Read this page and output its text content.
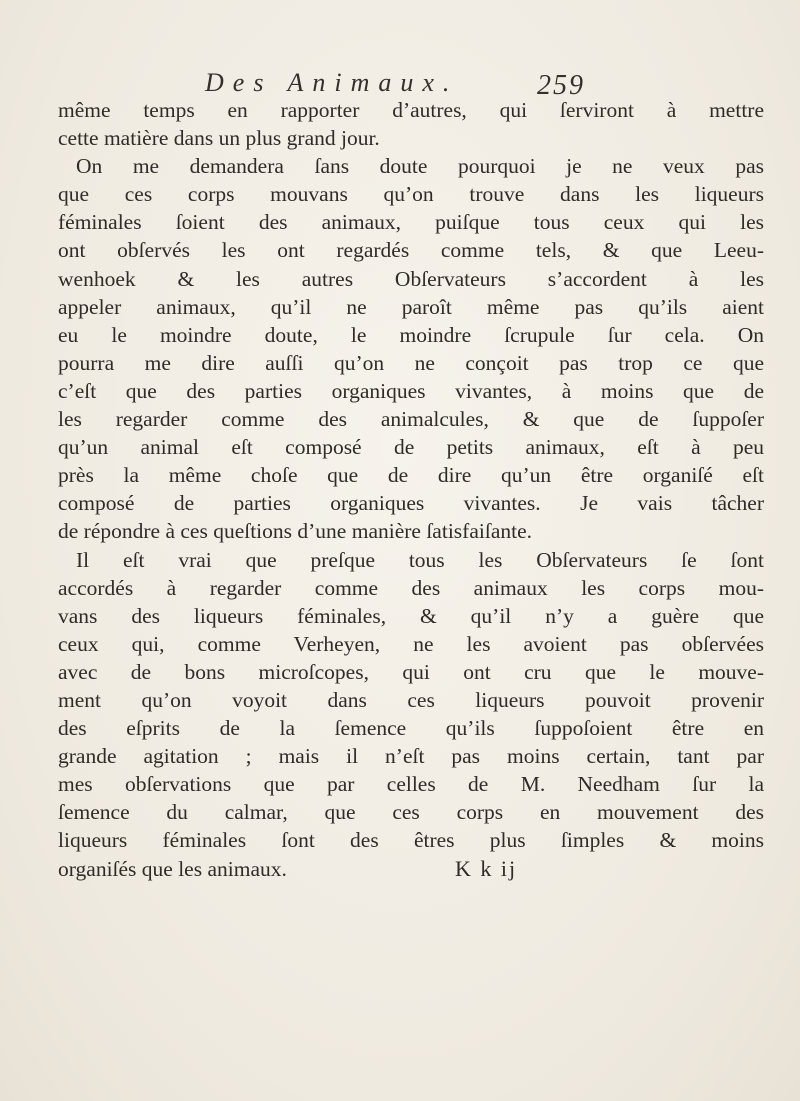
Des Animaux.	259
même temps en rapporter d’autres, qui ſerviront à mettre
cette matière dans un plus grand jour.
On me demandera ſans doute pourquoi je ne veux pas
que ces corps mouvans qu’on trouve dans les liqueurs
féminales ſoient des animaux, puiſque tous ceux qui les
ont obſervés les ont regardés comme tels, & que Leeu-
wenhoek & les autres Obſervateurs s’accordent à les
appeler animaux, qu’il ne paroît même pas qu’ils aient
eu le moindre doute, le moindre ſcrupule ſur cela. On
pourra me dire auſſi qu’on ne conçoit pas trop ce que
c’eſt que des parties organiques vivantes, à moins que de
les regarder comme des animalcules, & que de ſuppoſer
qu’un animal eſt composé de petits animaux, eſt à peu
près la même choſe que de dire qu’un être organiſé eſt
composé de parties organiques vivantes. Je vais tâcher
de répondre à ces queſtions d’une manière ſatisfaiſante.
Il eſt vrai que preſque tous les Obſervateurs ſe ſont
accordés à regarder comme des animaux les corps mou-
vans des liqueurs féminales, & qu’il n’y a guère que
ceux qui, comme Verheyen, ne les avoient pas obſervées
avec de bons microſcopes, qui ont cru que le mouve-
ment qu’on voyoit dans ces liqueurs pouvoit provenir
des eſprits de la ſemence qu’ils ſuppoſoient être en
grande agitation ; mais il n’eſt pas moins certain, tant par
mes obſervations que par celles de M. Needham ſur la
ſemence du calmar, que ces corps en mouvement des
liqueurs féminales ſont des êtres plus ſimples & moins
organiſés que les animaux.	K k ij
